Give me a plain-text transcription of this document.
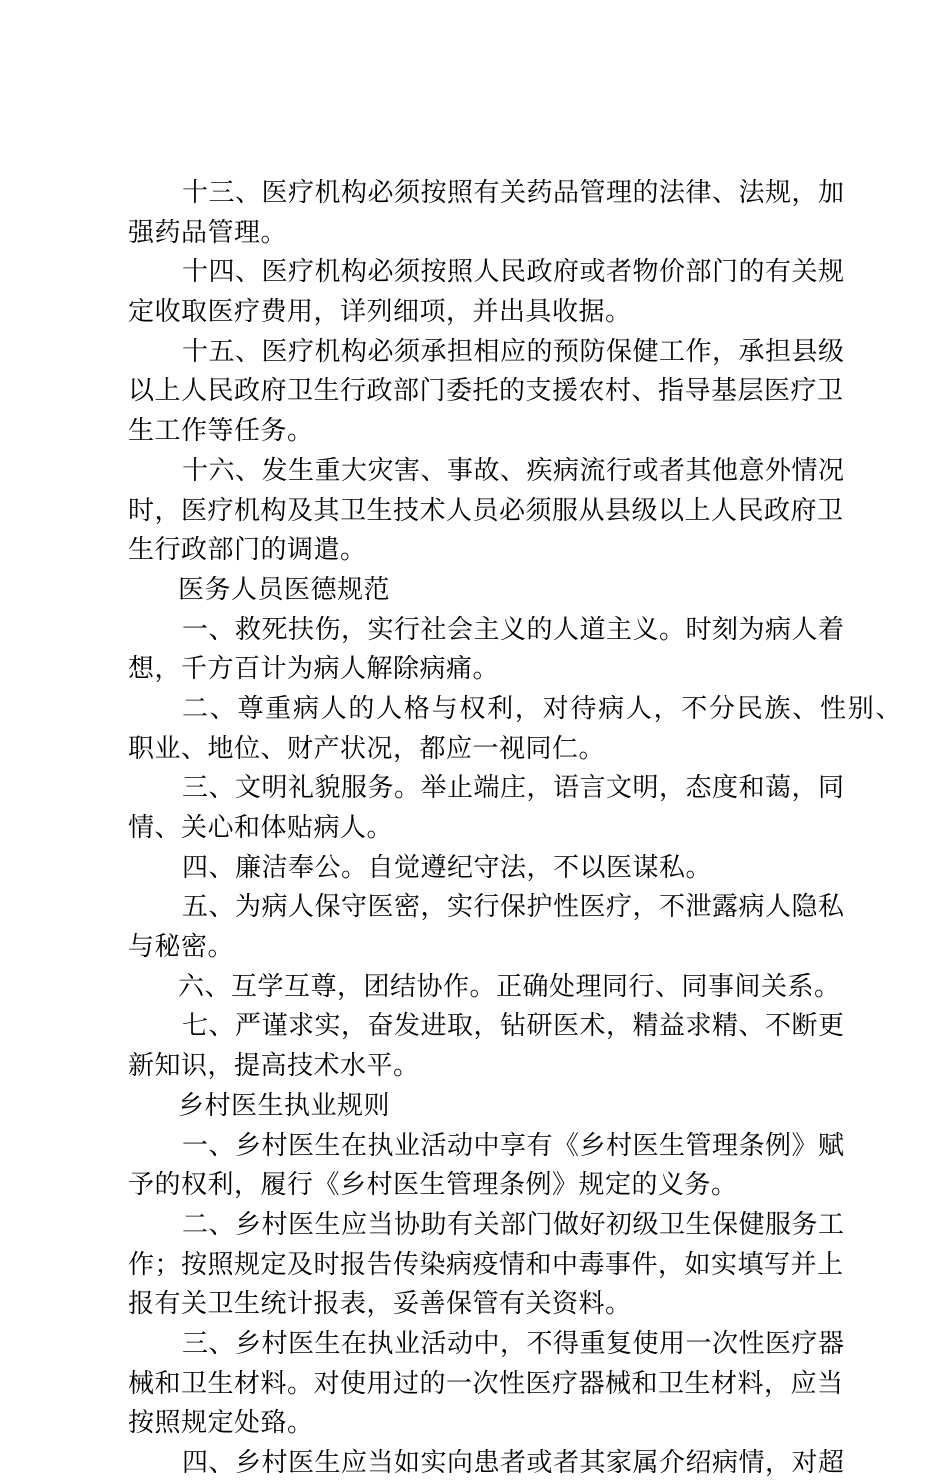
十三、医疗机构必须按照有关药品管理的法律、法规，加
强药品管理。
十四、医疗机构必须按照人民政府或者物价部门的有关规
定收取医疗费用，详列细项，并出具收据。
十五、医疗机构必须承担相应的预防保健工作，承担县级
以上人民政府卫生行政部门委托的支援农村、指导基层医疗卫
生工作等任务。
十六、发生重大灾害、事故、疾病流行或者其他意外情况
时，医疗机构及其卫生技术人员必须服从县级以上人民政府卫
生行政部门的调遣。
医务人员医德规范
一、救死扶伤，实行社会主义的人道主义。时刻为病人着
想，千方百计为病人解除病痛。
二、尊重病人的人格与权利，对待病人，不分民族、性别、
职业、地位、财产状况，都应一视同仁。
三、文明礼貌服务。举止端庄，语言文明，态度和蔼，同
情、关心和体贴病人。
四、廉洁奉公。自觉遵纪守法，不以医谋私。
五、为病人保守医密，实行保护性医疗，不泄露病人隐私
与秘密。
六、互学互尊，团结协作。正确处理同行、同事间关系。
七、严谨求实，奋发进取，钻研医术，精益求精、不断更
新知识，提高技术水平。
乡村医生执业规则
一、乡村医生在执业活动中享有《乡村医生管理条例》赋
予的权利，履行《乡村医生管理条例》规定的义务。
二、乡村医生应当协助有关部门做好初级卫生保健服务工
作；按照规定及时报告传染病疫情和中毒事件，如实填写并上
报有关卫生统计报表，妥善保管有关资料。
三、乡村医生在执业活动中，不得重复使用一次性医疗器
械和卫生材料。对使用过的一次性医疗器械和卫生材料，应当
按照规定处臵。
四、乡村医生应当如实向患者或者其家属介绍病情，对超
